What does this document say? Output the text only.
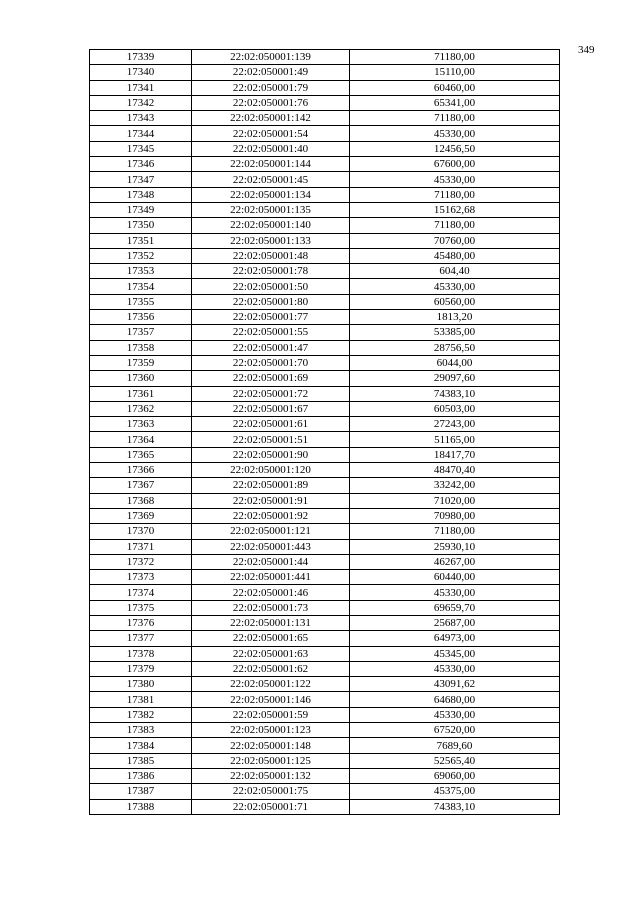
349
17339	22:02:050001:139	71180,00
17340	22:02:050001:49	15110,00
17341	22:02:050001:79	60460,00
17342	22:02:050001:76	65341,00
17343	22:02:050001:142	71180,00
17344	22:02:050001:54	45330,00
17345	22:02:050001:40	12456,50
17346	22:02:050001:144	67600,00
17347	22:02:050001:45	45330,00
17348	22:02:050001:134	71180,00
17349	22:02:050001:135	15162,68
17350	22:02:050001:140	71180,00
17351	22:02:050001:133	70760,00
17352	22:02:050001:48	45480,00
17353	22:02:050001:78	604,40
17354	22:02:050001:50	45330,00
17355	22:02:050001:80	60560,00
17356	22:02:050001:77	1813,20
17357	22:02:050001:55	53385,00
17358	22:02:050001:47	28756,50
17359	22:02:050001:70	6044,00
17360	22:02:050001:69	29097,60
17361	22:02:050001:72	74383,10
17362	22:02:050001:67	60503,00
17363	22:02:050001:61	27243,00
17364	22:02:050001:51	51165,00
17365	22:02:050001:90	18417,70
17366	22:02:050001:120	48470,40
17367	22:02:050001:89	33242,00
17368	22:02:050001:91	71020,00
17369	22:02:050001:92	70980,00
17370	22:02:050001:121	71180,00
17371	22:02:050001:443	25930,10
17372	22:02:050001:44	46267,00
17373	22:02:050001:441	60440,00
17374	22:02:050001:46	45330,00
17375	22:02:050001:73	69659,70
17376	22:02:050001:131	25687,00
17377	22:02:050001:65	64973,00
17378	22:02:050001:63	45345,00
17379	22:02:050001:62	45330,00
17380	22:02:050001:122	43091,62
17381	22:02:050001:146	64680,00
17382	22:02:050001:59	45330,00
17383	22:02:050001:123	67520,00
17384	22:02:050001:148	7689,60
17385	22:02:050001:125	52565,40
17386	22:02:050001:132	69060,00
17387	22:02:050001:75	45375,00
17388	22:02:050001:71	74383,10
